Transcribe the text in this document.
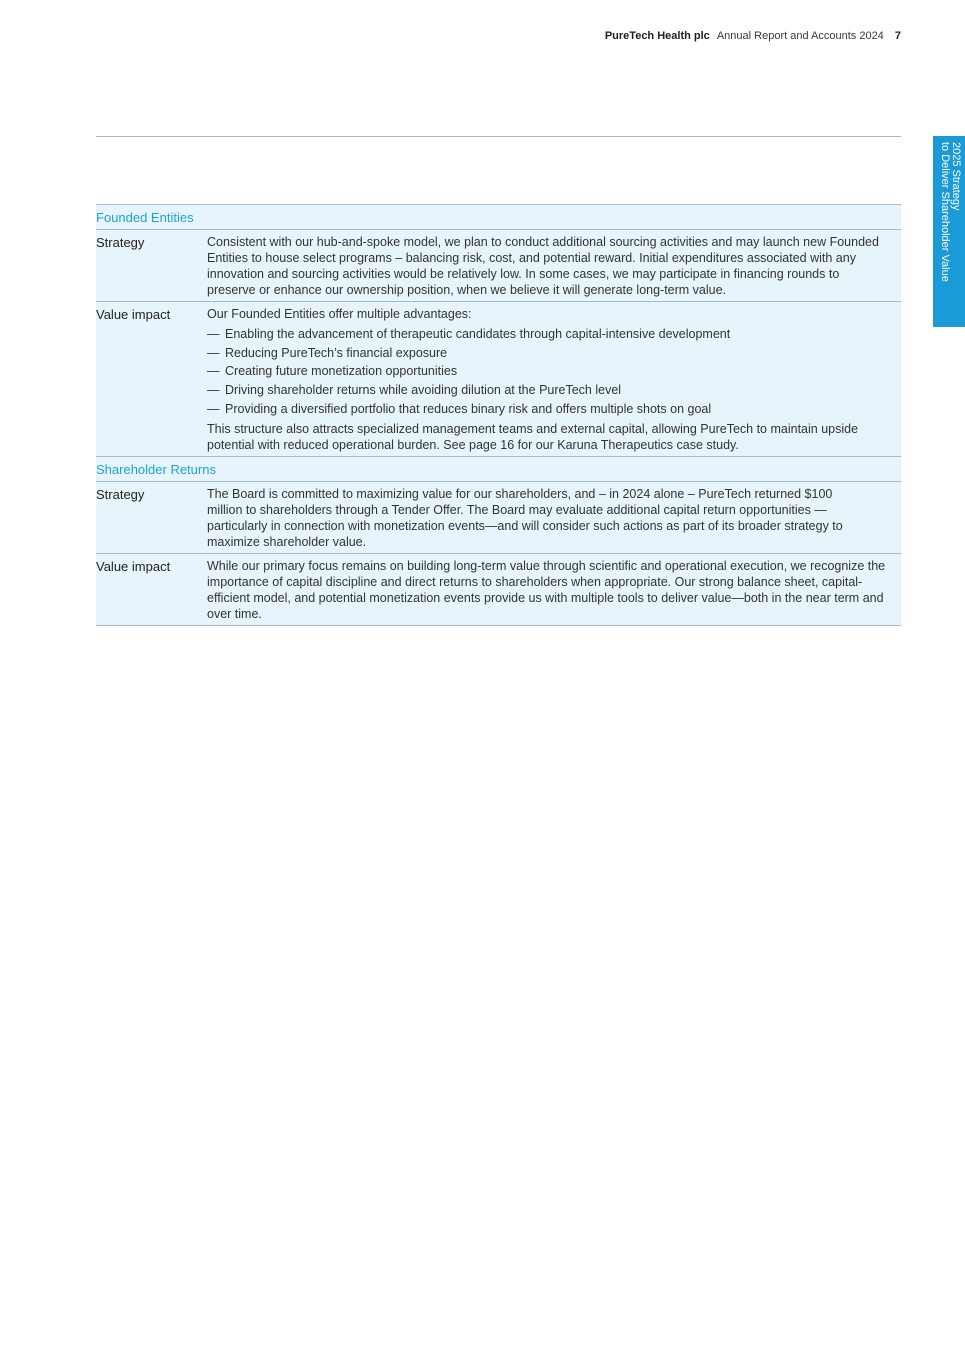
PureTech Health plc Annual Report and Accounts 2024 7
2025 Strategy
to Deliver Shareholder Value
Founded Entities
Strategy	Consistent with our hub-and-spoke model, we plan to conduct additional sourcing activities and may launch new Founded Entities to house select programs – balancing risk, cost, and potential reward. Initial expenditures associated with any innovation and sourcing activities would be relatively low. In some cases, we may participate in financing rounds to preserve or enhance our ownership position, when we believe it will generate long-term value.

Value impact	Our Founded Entities offer multiple advantages:

— Enabling the advancement of therapeutic candidates through capital-intensive development
— Reducing PureTech’s financial exposure
— Creating future monetization opportunities
— Driving shareholder returns while avoiding dilution at the PureTech level
— Providing a diversified portfolio that reduces binary risk and offers multiple shots on goal

This structure also attracts specialized management teams and external capital, allowing PureTech to maintain upside potential with reduced operational burden. See page 16 for our Karuna Therapeutics case study.

Shareholder Returns
Strategy	The Board is committed to maximizing value for our shareholders, and – in 2024 alone – PureTech returned $100 million to shareholders through a Tender Offer. The Board may evaluate additional capital return opportunities —particularly in connection with monetization events—and will consider such actions as part of its broader strategy to maximize shareholder value.

Value impact	While our primary focus remains on building long-term value through scientific and operational execution, we recognize the importance of capital discipline and direct returns to shareholders when appropriate. Our strong balance sheet, capital-efficient model, and potential monetization events provide us with multiple tools to deliver value—both in the near term and over time.
